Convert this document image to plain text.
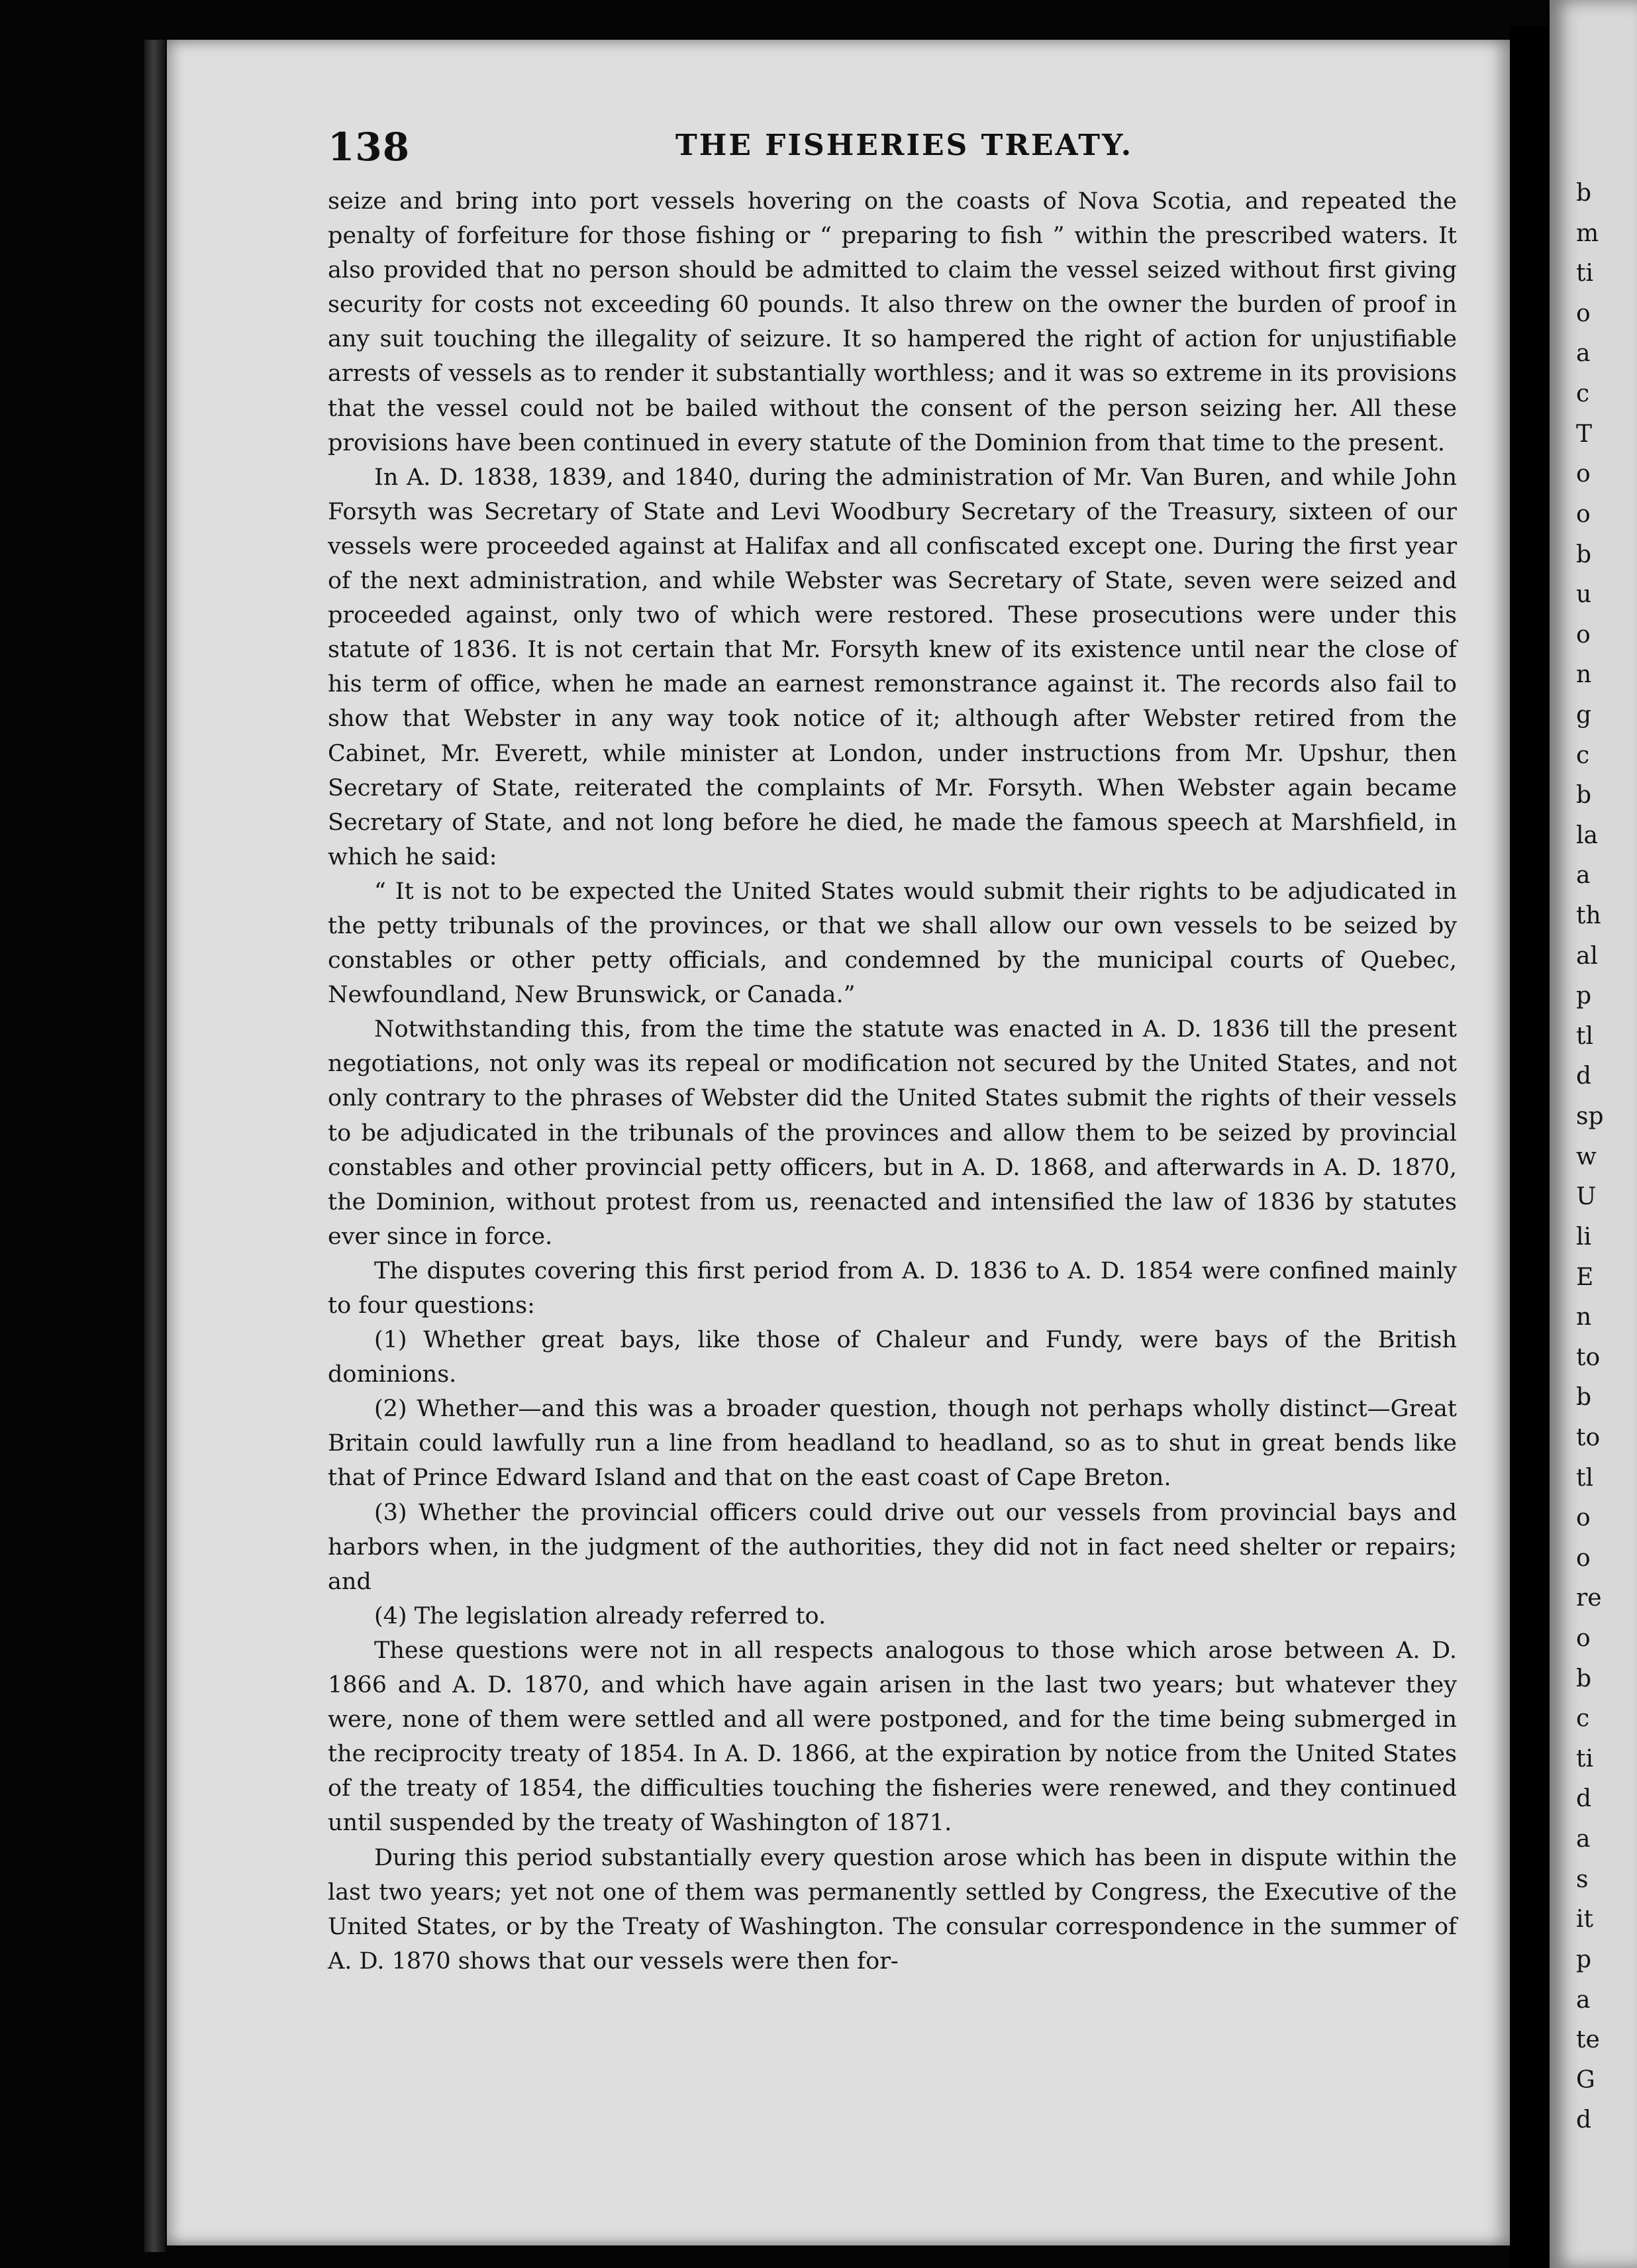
138	THE FISHERIES TREATY.

seize and bring into port vessels hovering on the coasts of Nova Scotia, and repeated the penalty of forfeiture for those fishing or “ preparing to fish ” within the prescribed waters. It also provided that no person should be admitted to claim the vessel seized without first giving security for costs not exceeding 60 pounds. It also threw on the owner the burden of proof in any suit touching the illegality of seizure. It so hampered the right of action for unjustifiable arrests of vessels as to render it substantially worthless; and it was so extreme in its provisions that the vessel could not be bailed without the consent of the person seizing her. All these provisions have been continued in every statute of the Dominion from that time to the present.

In A. D. 1838, 1839, and 1840, during the administration of Mr. Van Buren, and while John Forsyth was Secretary of State and Levi Woodbury Secretary of the Treasury, sixteen of our vessels were proceeded against at Halifax and all confiscated except one. During the first year of the next administration, and while Webster was Secretary of State, seven were seized and proceeded against, only two of which were restored. These prosecutions were under this statute of 1836. It is not certain that Mr. Forsyth knew of its existence until near the close of his term of office, when he made an earnest remonstrance against it. The records also fail to show that Webster in any way took notice of it; although after Webster retired from the Cabinet, Mr. Everett, while minister at London, under instructions from Mr. Upshur, then Secretary of State, reiterated the complaints of Mr. Forsyth. When Webster again became Secretary of State, and not long before he died, he made the famous speech at Marshfield, in which he said:

“ It is not to be expected the United States would submit their rights to be adjudicated in the petty tribunals of the provinces, or that we shall allow our own vessels to be seized by constables or other petty officials, and condemned by the municipal courts of Quebec, Newfoundland, New Brunswick, or Canada.”

Notwithstanding this, from the time the statute was enacted in A. D. 1836 till the present negotiations, not only was its repeal or modification not secured by the United States, and not only contrary to the phrases of Webster did the United States submit the rights of their vessels to be adjudicated in the tribunals of the provinces and allow them to be seized by provincial constables and other provincial petty officers, but in A. D. 1868, and afterwards in A. D. 1870, the Dominion, without protest from us, reenacted and intensified the law of 1836 by statutes ever since in force.

The disputes covering this first period from A. D. 1836 to A. D. 1854 were confined mainly to four questions:

(1) Whether great bays, like those of Chaleur and Fundy, were bays of the British dominions.

(2) Whether—and this was a broader question, though not perhaps wholly distinct—Great Britain could lawfully run a line from headland to headland, so as to shut in great bends like that of Prince Edward Island and that on the east coast of Cape Breton.

(3) Whether the provincial officers could drive out our vessels from provincial bays and harbors when, in the judgment of the authorities, they did not in fact need shelter or repairs; and

(4) The legislation already referred to.

These questions were not in all respects analogous to those which arose between A. D. 1866 and A. D. 1870, and which have again arisen in the last two years; but whatever they were, none of them were settled and all were postponed, and for the time being submerged in the reciprocity treaty of 1854. In A. D. 1866, at the expiration by notice from the United States of the treaty of 1854, the difficulties touching the fisheries were renewed, and they continued until suspended by the treaty of Washington of 1871.

During this period substantially every question arose which has been in dispute within the last two years; yet not one of them was permanently settled by Congress, the Executive of the United States, or by the Treaty of Washington. The consular correspondence in the summer of A. D. 1870 shows that our vessels were then for-

b
m
ti
o
a
c
T
o
o
b
u
o
n
g
c
b
la
a
th
al
p
tl
d
sp
w
U
li
E
n
to
b
to
tl
o
o
re
o
b
c
ti
d
a
s
it
p
a
te
G
d
